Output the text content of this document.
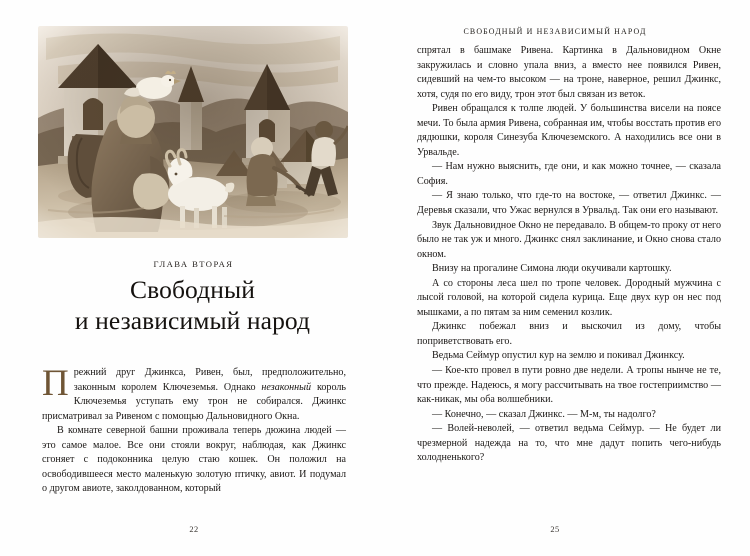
ГЛАВА ВТОРАЯ

Свободный
и независимый народ

П режний друг Джинкса, Ривен, был, предположительно, законным королем Ключеземья. Однако незаконный король Ключеземья уступать ему трон не собирался. Джинкс присматривал за Ривеном с помощью Дальновидного Окна.

В комнате северной башни проживала теперь дюжина людей — это самое малое. Все они стояли вокруг, наблюдая, как Джинкс сгоняет с подоконника целую стаю кошек. Он положил на освободившееся место маленькую золотую птичку, авиот. И подумал о другом авиоте, заколдованном, который

22

СВОБОДНЫЙ И НЕЗАВИСИМЫЙ НАРОД

спрятал в башмаке Ривена. Картинка в Дальновидном Окне закружилась и словно упала вниз, а вместо нее появился Ривен, сидевший на чем-то высоком — на троне, наверное, решил Джинкс, хотя, судя по его виду, трон этот был связан из веток.

Ривен обращался к толпе людей. У большинства висели на поясе мечи. То была армия Ривена, собранная им, чтобы восстать против его дядюшки, короля Синезуба Ключеземского. А находились все они в Урвальде.

— Нам нужно выяснить, где они, и как можно точнее, — сказала София.

— Я знаю только, что где-то на востоке, — ответил Джинкс. — Деревья сказали, что Ужас вернулся в Урвальд. Так они его называют.

Звук Дальновидное Окно не передавало. В общем-то проку от него было не так уж и много. Джинкс снял заклинание, и Окно снова стало окном.

Внизу на прогалине Симона люди окучивали картошку.

А со стороны леса шел по тропе человек. Дородный мужчина с лысой головой, на которой сидела курица. Еще двух кур он нес под мышками, а по пятам за ним семенил козлик.

Джинкс побежал вниз и выскочил из дому, чтобы поприветствовать его.

Ведьма Сеймур опустил кур на землю и покивал Джинксу.

— Кое-кто провел в пути ровно две недели. А тропы нынче не те, что прежде. Надеюсь, я могу рассчитывать на твое гостеприимство — как-никак, мы оба волшебники.

— Конечно, — сказал Джинкс. — М-м, ты надолго?

— Волей-неволей, — ответил ведьма Сеймур. — Не будет ли чрезмерной надежда на то, что мне дадут попить чего-нибудь холодненького?

25
